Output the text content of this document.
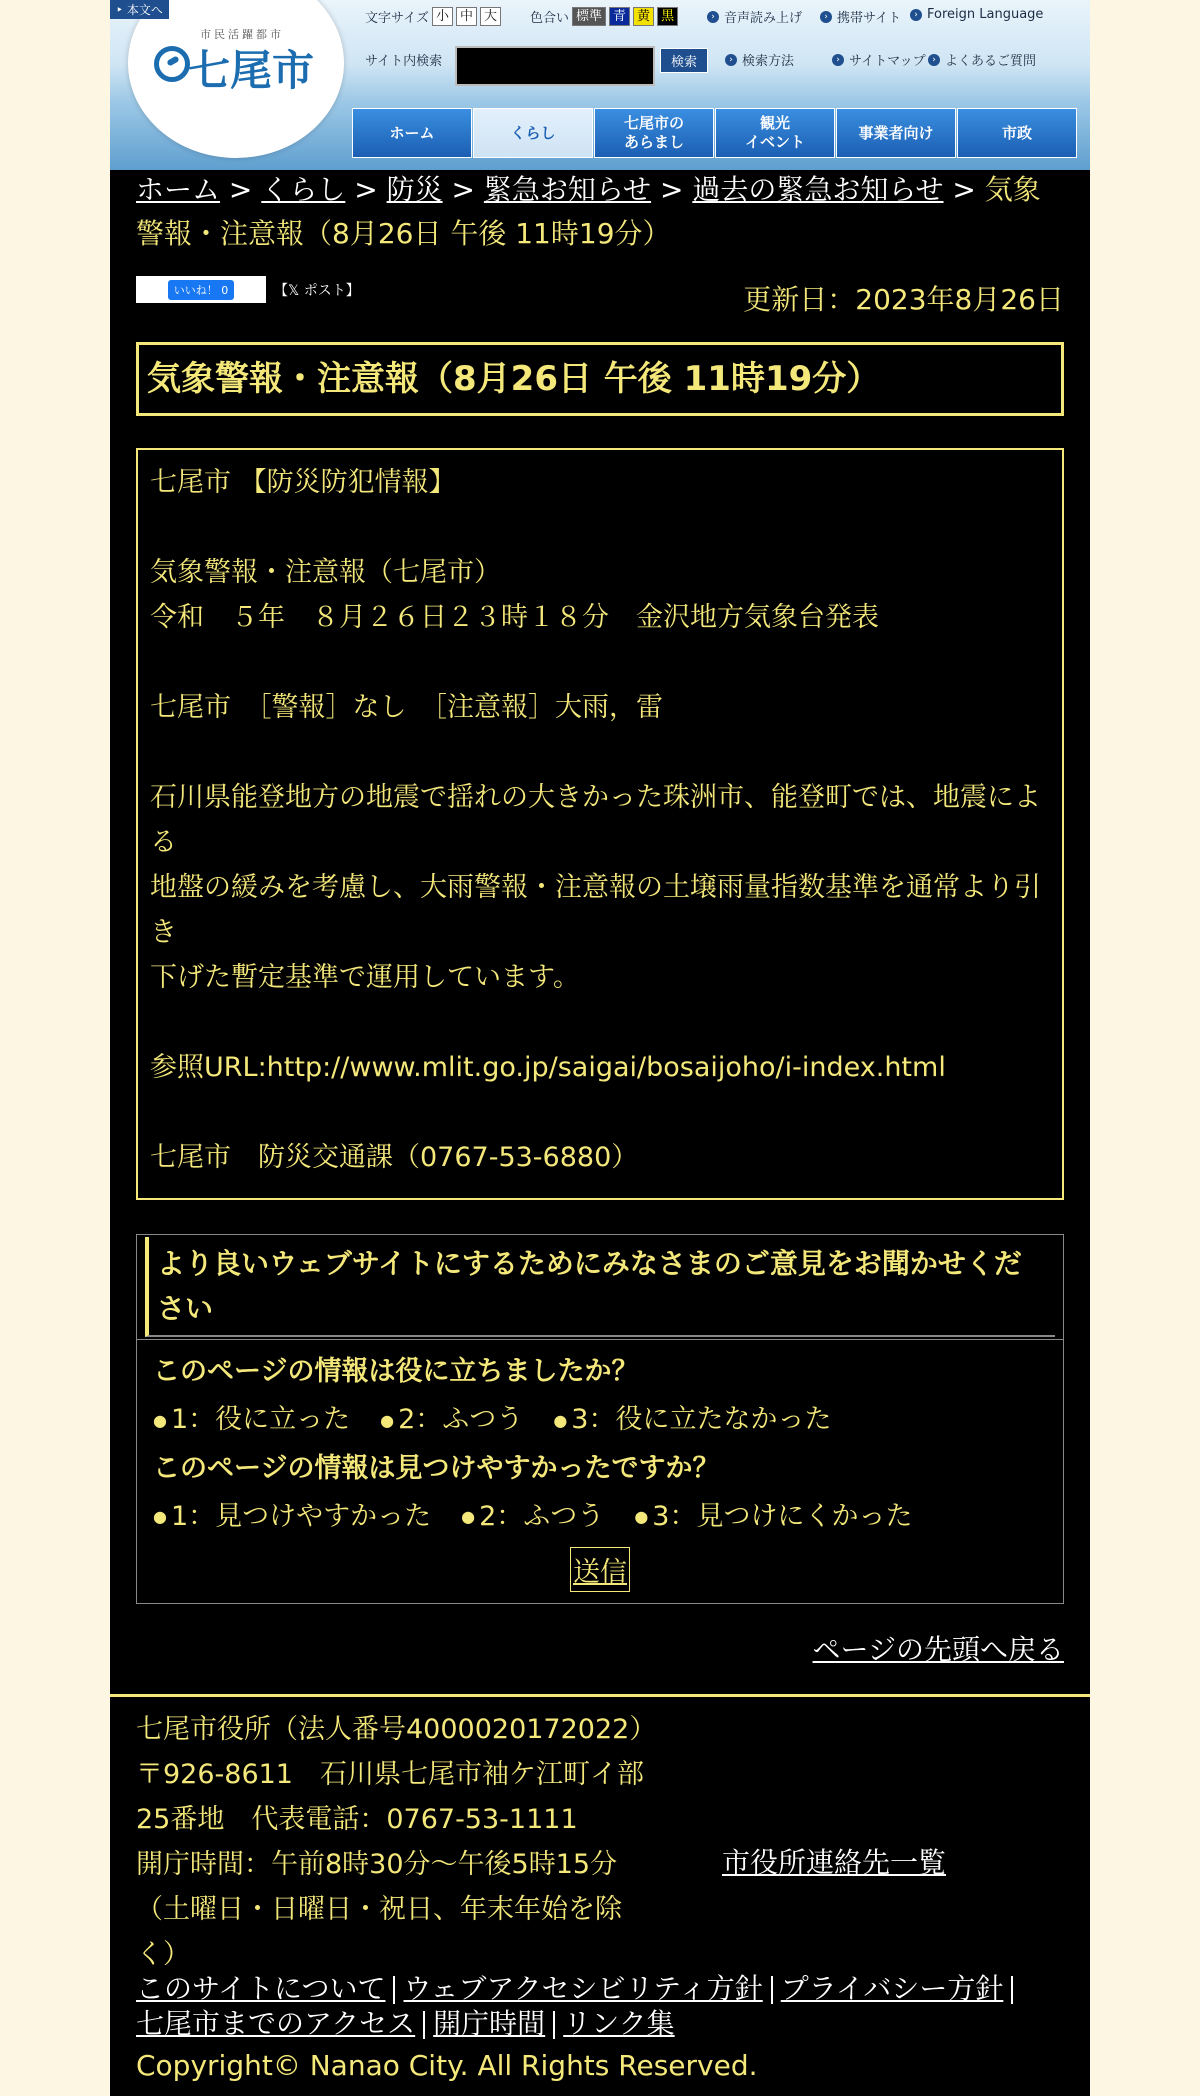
市民活躍都市
七尾市
‣ 本文へ
文字サイズ 小 中 大	色合い 標準 青 黄 黒	› 音声読み上げ	› 携帯サイト	› Foreign Language
サイト内検索	検索	› 検索方法	› サイトマップ › よくあるご質問
ホーム	くらし
七尾市の
あらまし
観光
イベント
事業者向け	市政
ホーム > くらし > 防災 > 緊急お知らせ > 過去の緊急お知らせ > 気象警報・注意報（8月26日 午後 11時19分）
いいね！ 0	【𝕏 ポスト】	更新日：2023年8月26日
気象警報・注意報（8月26日 午後 11時19分）

七尾市 【防災防犯情報】

気象警報・注意報（七尾市）

令和　５年　８月２６日２３時１８分　金沢地方気象台発表

七尾市　［警報］なし　［注意報］大雨，雷

石川県能登地方の地震で揺れの大きかった珠洲市、能登町では、地震による

地盤の緩みを考慮し、大雨警報・注意報の土壌雨量指数基準を通常より引き

下げた暫定基準で運用しています。

参照URL:http://www.mlit.go.jp/saigai/bosaijoho/i-index.html

七尾市　防災交通課（0767-53-6880）

より良いウェブサイトにするためにみなさまのご意見をお聞かせください
このページの情報は役に立ちましたか？
● 1：役に立った	● 2：ふつう	● 3：役に立たなかった
このページの情報は見つけやすかったですか？
● 1：見つけやすかった	● 2：ふつう	● 3：見つけにくかった
送信
ページの先頭へ戻る
七尾市役所（法人番号4000020172022）
〒926-8611　石川県七尾市袖ケ江町イ部
25番地　代表電話：0767-53-1111
開庁時間：午前8時30分～午後5時15分
（土曜日・日曜日・祝日、年末年始を除く）
市役所連絡先一覧
このサイトについて ウェブアクセシビリティ方針 プライバシー方針
七尾市までのアクセス 開庁時間 リンク集
Copyright© Nanao City. All Rights Reserved.
